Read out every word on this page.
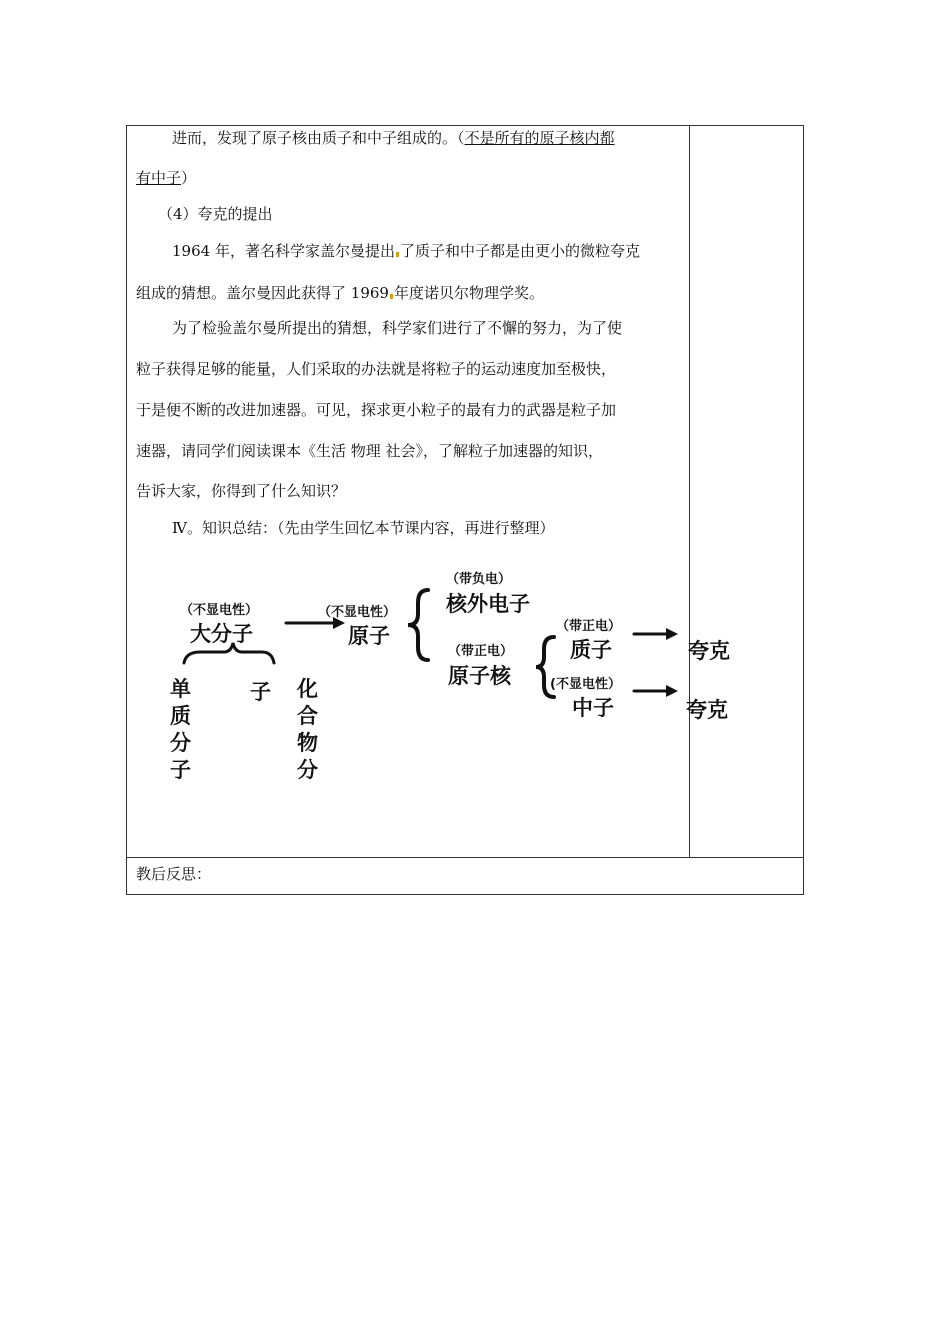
进而，发现了原子核由质子和中子组成的。（不是所有的原子核内都
有中子）
（4）夸克的提出
1964 年，著名科学家盖尔曼提出 了质子和中子都是由更小的微粒夸克
组成的猜想。盖尔曼因此获得了 1969 年度诺贝尔物理学奖。
为了检验盖尔曼所提出的猜想，科学家们进行了不懈的努力，为了使
粒子获得足够的能量，人们采取的办法就是将粒子的运动速度加至极快，
于是便不断的改进加速器。可见，探求更小粒子的最有力的武器是粒子加
速器，请同学们阅读课本《生活 物理 社会》，了解粒子加速器的知识，
告诉大家，你得到了什么知识？
Ⅳ。知识总结：（先由学生回忆本节课内容，再进行整理）
（不显电性）
大分子
（不显电性）
原子
（带负电）
核外电子
（带正电）
原子核
（带正电）
质子
(不显电性）
中子
夸克
夸克
单质分子
子 化合物分
教后反思：
